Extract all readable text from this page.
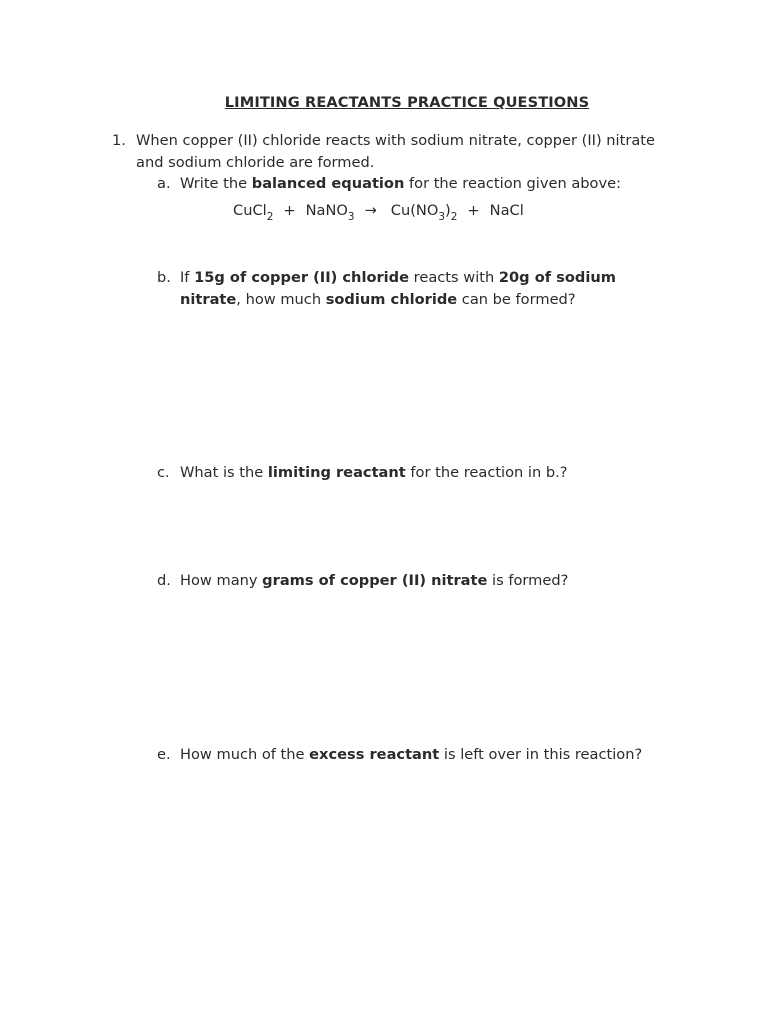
LIMITING REACTANTS PRACTICE QUESTIONS
1. When copper (II) chloride reacts with sodium nitrate, copper (II) nitrate and sodium chloride are formed.
a. Write the balanced equation for the reaction given above:
CuCl$_2$ + NaNO$_3$ → $Cu(NO_3)_2$ + NaCl
b. If 15g of copper (II) chloride reacts with 20g of sodium nitrate, how much sodium chloride can be formed?
c. What is the limiting reactant for the reaction in b.?
d. How many grams of copper (II) nitrate is formed?
e. How much of the excess reactant is left over in this reaction?
